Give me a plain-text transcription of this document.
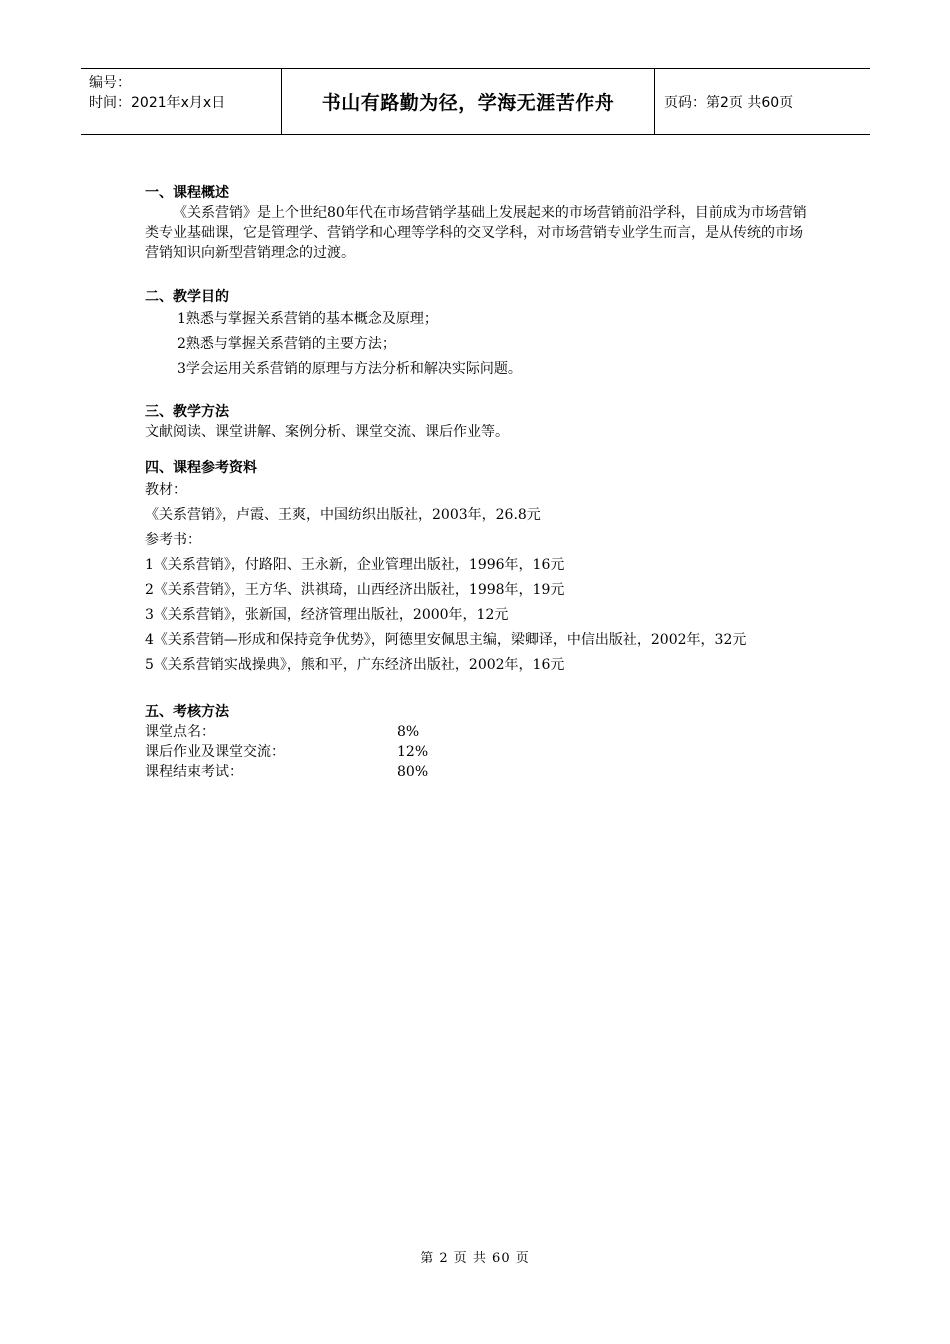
编号：
时间：2021年x月x日	书山有路勤为径，学海无涯苦作舟	页码：第2页 共60页
一、课程概述

《关系营销》是上个世纪80年代在市场营销学基础上发展起来的市场营销前沿学科，目前成为市场营销类专业基础课，它是管理学、营销学和心理等学科的交叉学科，对市场营销专业学生而言，是从传统的市场营销知识向新型营销理念的过渡。

二、教学目的

1熟悉与掌握关系营销的基本概念及原理；

2熟悉与掌握关系营销的主要方法；

3学会运用关系营销的原理与方法分析和解决实际问题。

三、教学方法

文献阅读、课堂讲解、案例分析、课堂交流、课后作业等。

四、课程参考资料

教材：

《关系营销》，卢霞、王爽，中国纺织出版社，2003年，26.8元

参考书：

1《关系营销》，付路阳、王永新，企业管理出版社，1996年，16元

2《关系营销》，王方华、洪祺琦，山西经济出版社，1998年，19元

3《关系营销》，张新国，经济管理出版社，2000年，12元

4《关系营销—形成和保持竞争优势》，阿德里安佩思主编，梁卿译，中信出版社，2002年，32元

5《关系营销实战操典》，熊和平，广东经济出版社，2002年，16元

五、考核方法
课堂点名：	8%
课后作业及课堂交流：	12%
课程结束考试：	80%
第 2 页 共 60 页
